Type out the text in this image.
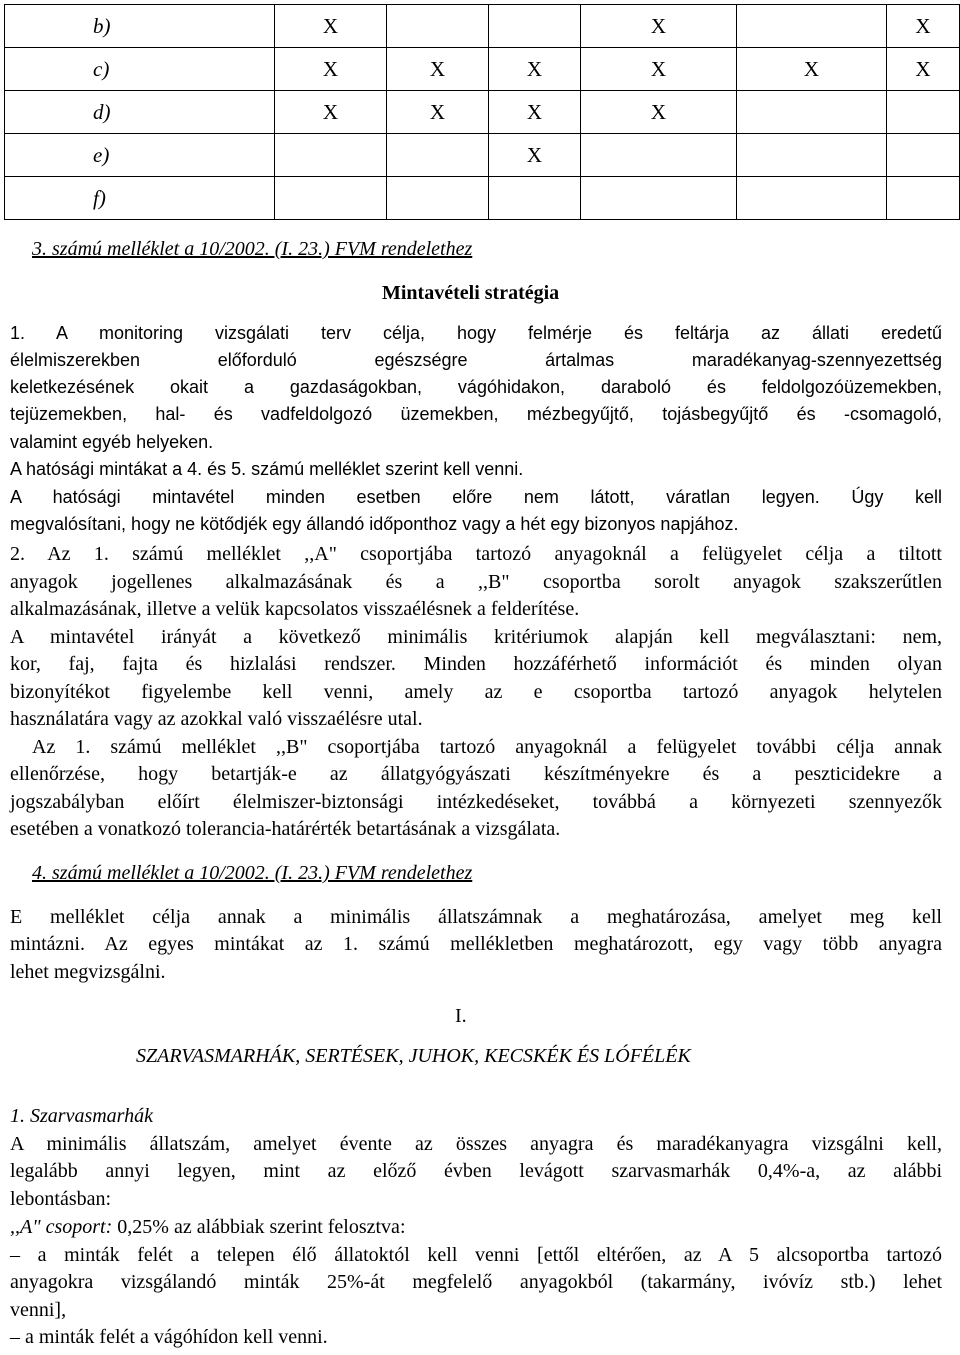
b)	X			X		X
c)	X	X	X	X	X	X
d)	X	X	X	X		
e)			X			
f)						
3. számú melléklet a 10/2002. (I. 23.) FVM rendelethez
Mintavételi stratégia
1. A monitoring vizsgálati terv célja, hogy felmérje és feltárja az állati eredetű
élelmiszerekben előforduló egészségre ártalmas maradékanyag-szennyezettség
keletkezésének okait a gazdaságokban, vágóhidakon, daraboló és feldolgozóüzemekben,
tejüzemekben, hal- és vadfeldolgozó üzemekben, mézbegyűjtő, tojásbegyűjtő és -csomagoló,
valamint egyéb helyeken.
A hatósági mintákat a 4. és 5. számú melléklet szerint kell venni.
A hatósági mintavétel minden esetben előre nem látott, váratlan legyen. Úgy kell
megvalósítani, hogy ne kötődjék egy állandó időponthoz vagy a hét egy bizonyos napjához.
2. Az 1. számú melléklet ,,A" csoportjába tartozó anyagoknál a felügyelet célja a tiltott
anyagok jogellenes alkalmazásának és a ,,B" csoportba sorolt anyagok szakszerűtlen
alkalmazásának, illetve a velük kapcsolatos visszaélésnek a felderítése.
A mintavétel irányát a következő minimális kritériumok alapján kell megválasztani: nem,
kor, faj, fajta és hizlalási rendszer. Minden hozzáférhető információt és minden olyan
bizonyítékot figyelembe kell venni, amely az e csoportba tartozó anyagok helytelen
használatára vagy az azokkal való visszaélésre utal.
Az 1. számú melléklet ,,B" csoportjába tartozó anyagoknál a felügyelet további célja annak
ellenőrzése, hogy betartják-e az állatgyógyászati készítményekre és a peszticidekre a
jogszabályban előírt élelmiszer-biztonsági intézkedéseket, továbbá a környezeti szennyezők
esetében a vonatkozó tolerancia-határérték betartásának a vizsgálata.
4. számú melléklet a 10/2002. (I. 23.) FVM rendelethez
E melléklet célja annak a minimális állatszámnak a meghatározása, amelyet meg kell
mintázni. Az egyes mintákat az 1. számú mellékletben meghatározott, egy vagy több anyagra
lehet megvizsgálni.
I.
SZARVASMARHÁK, SERTÉSEK, JUHOK, KECSKÉK ÉS LÓFÉLÉK
1. Szarvasmarhák
A minimális állatszám, amelyet évente az összes anyagra és maradékanyagra vizsgálni kell,
legalább annyi legyen, mint az előző évben levágott szarvasmarhák 0,4%-a, az alábbi
lebontásban:
,,A" csoport: 0,25% az alábbiak szerint felosztva:
– a minták felét a telepen élő állatoktól kell venni [ettől eltérően, az A 5 alcsoportba tartozó
anyagokra vizsgálandó minták 25%-át megfelelő anyagokból (takarmány, ivóvíz stb.) lehet
venni],
– a minták felét a vágóhídon kell venni.
